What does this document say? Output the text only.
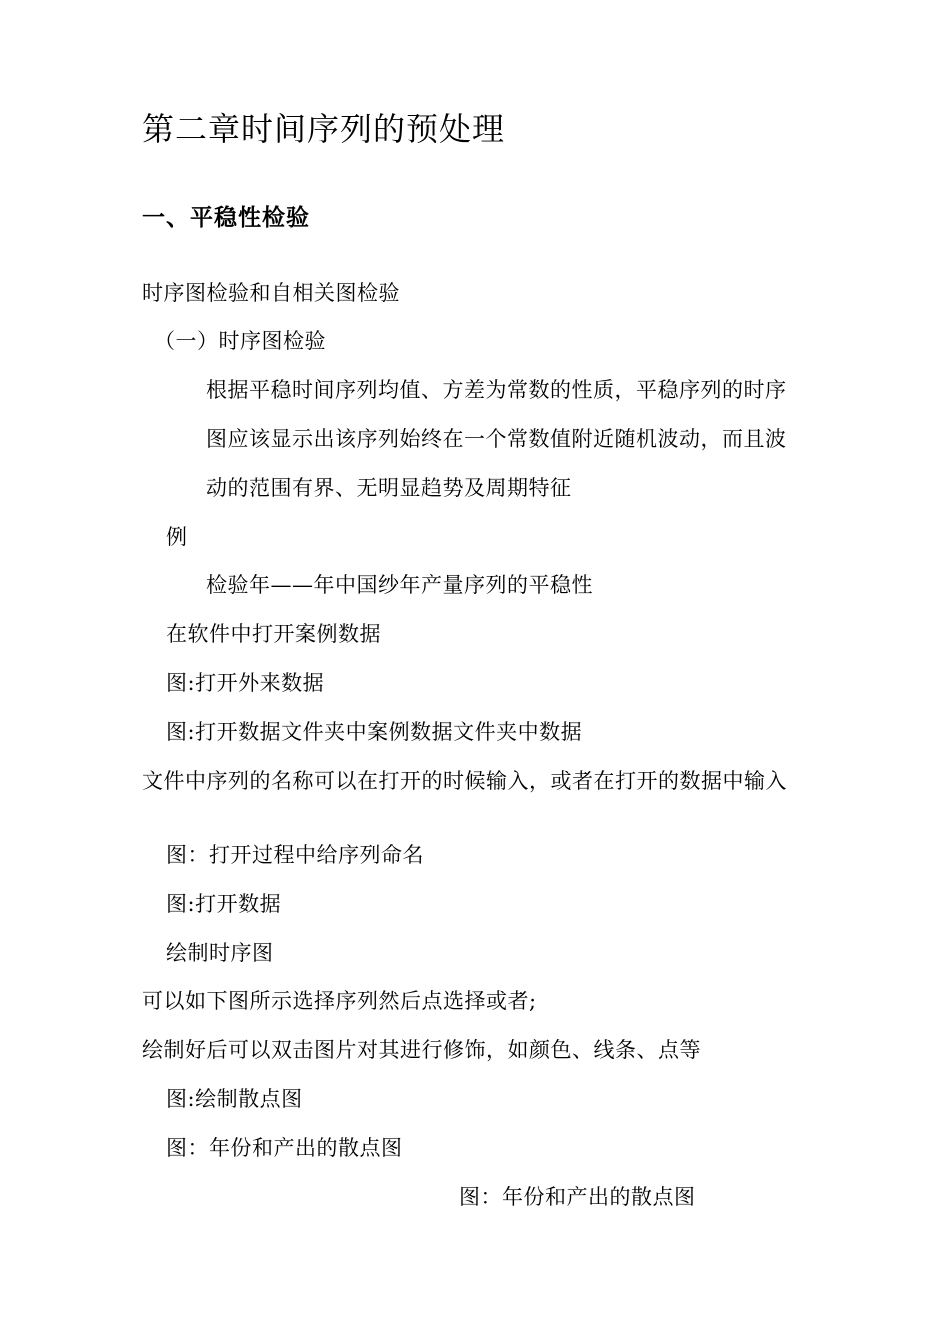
第二章时间序列的预处理
一、平稳性检验
时序图检验和自相关图检验
（一）时序图检验
根据平稳时间序列均值、方差为常数的性质，平稳序列的时序
图应该显示出该序列始终在一个常数值附近随机波动，而且波
动的范围有界、无明显趋势及周期特征
例
检验年——年中国纱年产量序列的平稳性
在软件中打开案例数据
图:打开外来数据
图:打开数据文件夹中案例数据文件夹中数据
文件中序列的名称可以在打开的时候输入，或者在打开的数据中输入
图：打开过程中给序列命名
图:打开数据
绘制时序图
可以如下图所示选择序列然后点选择或者;
绘制好后可以双击图片对其进行修饰，如颜色、线条、点等
图:绘制散点图
图：年份和产出的散点图
图：年份和产出的散点图
